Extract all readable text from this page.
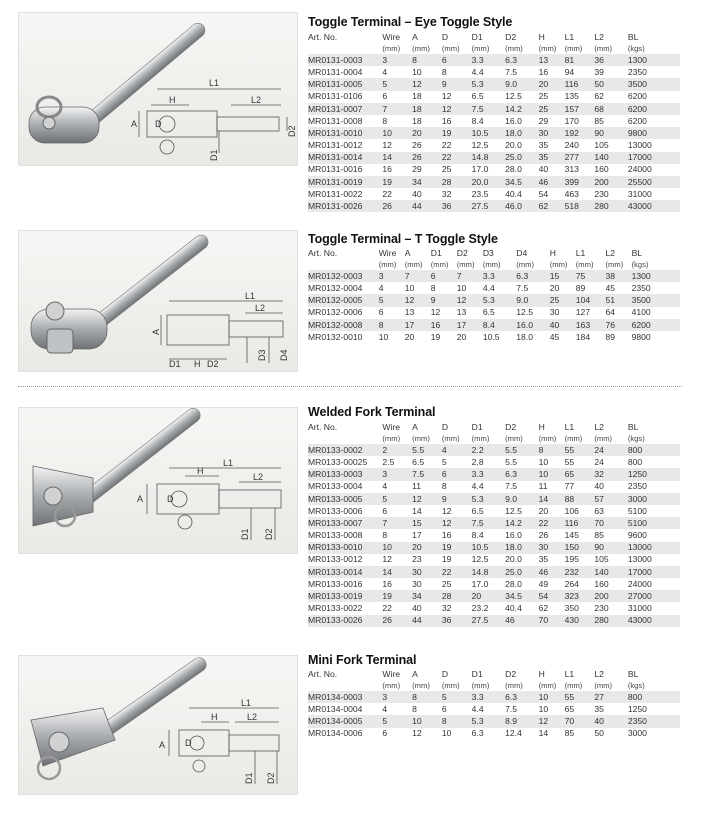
L1
L2
H
A D
D1
D2
Toggle Terminal – Eye Toggle Style
Art. No.	Wire	A	D	D1	D2	H	L1	L2	BL
	(mm)	(mm)	(mm)	(mm)	(mm)	(mm)	(mm)	(mm)	(kgs)
MR0131-0003	3	8	6	3.3	6.3	13	81	36	1300
MR0131-0004	4	10	8	4.4	7.5	16	94	39	2350
MR0131-0005	5	12	9	5.3	9.0	20	116	50	3500
MR0131-0106	6	18	12	6.5	12.5	25	135	62	6200
MR0131-0007	7	18	12	7.5	14.2	25	157	68	6200
MR0131-0008	8	18	16	8.4	16.0	29	170	85	6200
MR0131-0010	10	20	19	10.5	18.0	30	192	90	9800
MR0131-0012	12	26	22	12.5	20.0	35	240	105	13000
MR0131-0014	14	26	22	14.8	25.0	35	277	140	17000
MR0131-0016	16	29	25	17.0	28.0	40	313	160	24000
MR0131-0019	19	34	28	20.0	34.5	46	399	200	25500
MR0131-0022	22	40	32	23.5	40.4	54	463	230	31000
MR0131-0026	26	44	36	27.5	46.0	62	518	280	43000
L1
L2
A
D1 H D2
D3 D4
Toggle Terminal – T Toggle Style
Art. No.	Wire	A	D1	D2	D3	D4	H	L1	L2	BL
	(mm)	(mm)	(mm)	(mm)	(mm)	(mm)	(mm)	(mm)	(mm)	(kgs)
MR0132-0003	3	7	6	7	3.3	6.3	15	75	38	1300
MR0132-0004	4	10	8	10	4.4	7.5	20	89	45	2350
MR0132-0005	5	12	9	12	5.3	9.0	25	104	51	3500
MR0132-0006	6	13	12	13	6.5	12.5	30	127	64	4100
MR0132-0008	8	17	16	17	8.4	16.0	40	163	76	6200
MR0132-0010	10	20	19	20	10.5	18.0	45	184	89	9800
L1
L2
H
A	D
D1 D2
Welded Fork Terminal
Art. No.	Wire	A	D	D1	D2	H	L1	L2	BL
	(mm)	(mm)	(mm)	(mm)	(mm)	(mm)	(mm)	(mm)	(kgs)
MR0133-0002	2	5.5	4	2.2	5.5	8	55	24	800
MR0133-00025	2.5	6.5	5	2.8	5.5	10	55	24	800
MR0133-0003	3	7.5	6	3.3	6.3	10	65	32	1250
MR0133-0004	4	11	8	4.4	7.5	11	77	40	2350
MR0133-0005	5	12	9	5.3	9.0	14	88	57	3000
MR0133-0006	6	14	12	6.5	12.5	20	106	63	5100
MR0133-0007	7	15	12	7.5	14.2	22	116	70	5100
MR0133-0008	8	17	16	8.4	16.0	26	145	85	9600
MR0133-0010	10	20	19	10.5	18.0	30	150	90	13000
MR0133-0012	12	23	19	12.5	20.0	35	195	105	13000
MR0133-0014	14	30	22	14.8	25.0	46	232	140	17000
MR0133-0016	16	30	25	17.0	28.0	49	264	160	24000
MR0133-0019	19	34	28	20	34.5	54	323	200	27000
MR0133-0022	22	40	32	23.2	40.4	62	350	230	31000
MR0133-0026	26	44	36	27.5	46	70	430	280	43000
L1
L2
H
A D
D1 D2
Mini Fork Terminal
Art. No.	Wire	A	D	D1	D2	H	L1	L2	BL
	(mm)	(mm)	(mm)	(mm)	(mm)	(mm)	(mm)	(mm)	(kgs)
MR0134-0003	3	8	5	3.3	6.3	10	55	27	800
MR0134-0004	4	8	6	4.4	7.5	10	65	35	1250
MR0134-0005	5	10	8	5.3	8.9	12	70	40	2350
MR0134-0006	6	12	10	6.3	12.4	14	85	50	3000
